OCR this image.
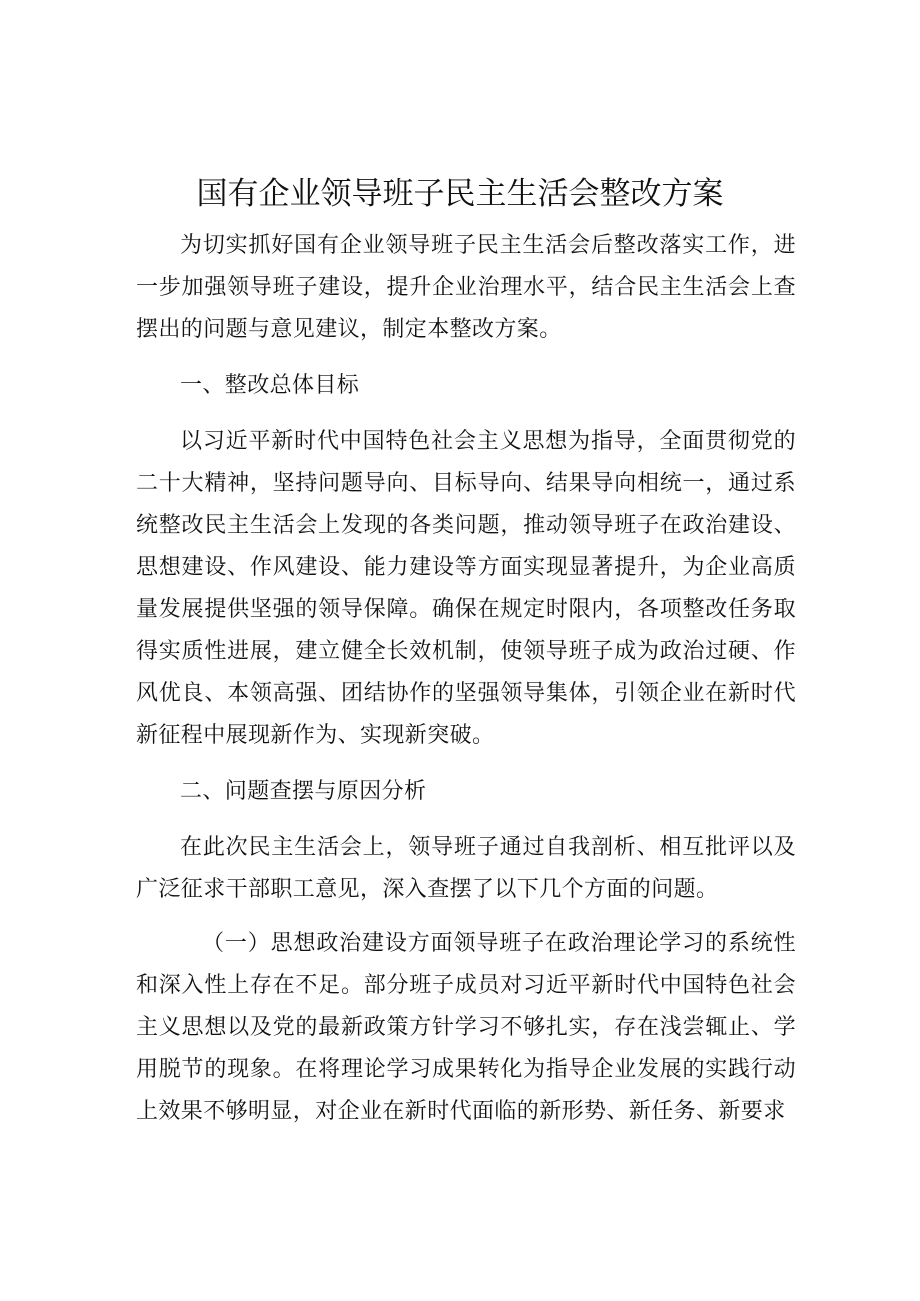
国有企业领导班子民主生活会整改方案

为切实抓好国有企业领导班子民主生活会后整改落实工作，进一步加强领导班子建设，提升企业治理水平，结合民主生活会上查摆出的问题与意见建议，制定本整改方案。

一、整改总体目标

以习近平新时代中国特色社会主义思想为指导，全面贯彻党的二十大精神，坚持问题导向、目标导向、结果导向相统一，通过系统整改民主生活会上发现的各类问题，推动领导班子在政治建设、思想建设、作风建设、能力建设等方面实现显著提升，为企业高质量发展提供坚强的领导保障。确保在规定时限内，各项整改任务取得实质性进展，建立健全长效机制，使领导班子成为政治过硬、作风优良、本领高强、团结协作的坚强领导集体，引领企业在新时代新征程中展现新作为、实现新突破。

二、问题查摆与原因分析

在此次民主生活会上，领导班子通过自我剖析、相互批评以及广泛征求干部职工意见，深入查摆了以下几个方面的问题。

（一）思想政治建设方面领导班子在政治理论学习的系统性和深入性上存在不足。部分班子成员对习近平新时代中国特色社会主义思想以及党的最新政策方针学习不够扎实，存在浅尝辄止、学用脱节的现象。在将理论学习成果转化为指导企业发展的实践行动上效果不够明显，对企业在新时代面临的新形势、新任务、新要求
